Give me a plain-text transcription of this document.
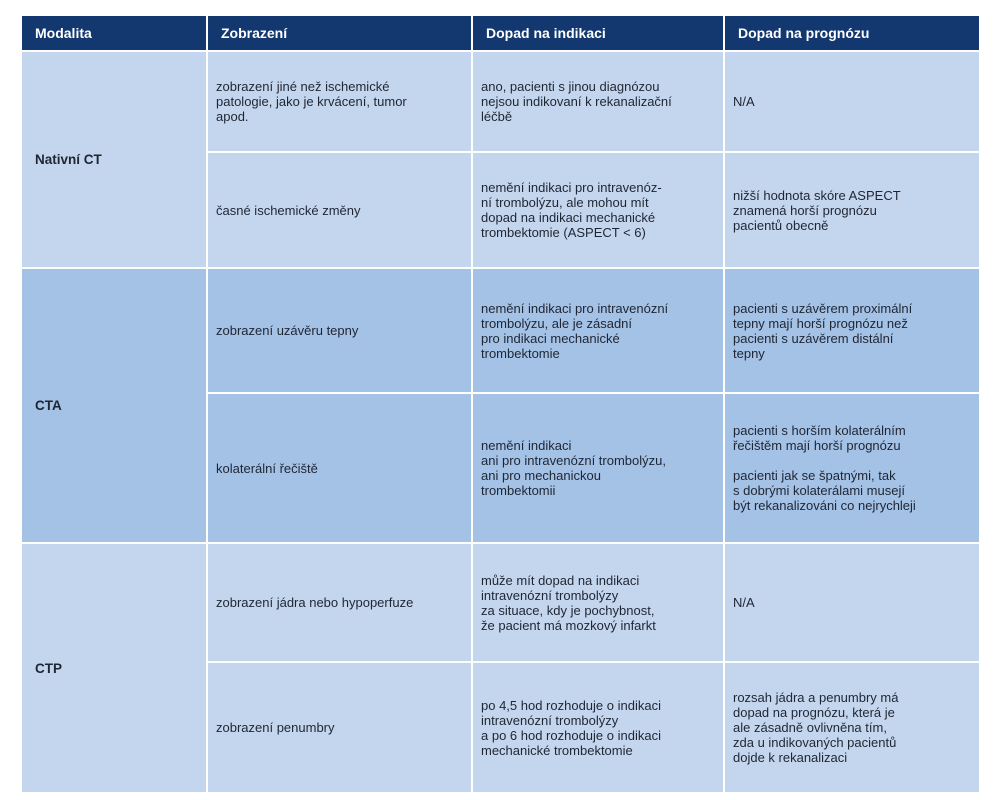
Modalita	Zobrazení	Dopad na indikaci	Dopad na prognózu
Nativní CT	zobrazení jiné než ischemické
patologie, jako je krvácení, tumor
apod.	ano, pacienti s jinou diagnózou
nejsou indikovaní k rekanalizační
léčbě	N/A

	časné ischemické změny	nemění indikaci pro intravenóz-
ní trombolýzu, ale mohou mít
dopad na indikaci mechanické
trombektomie (ASPECT < 6)	nižší hodnota skóre ASPECT
znamená horší prognózu
pacientů obecně

CTA	zobrazení uzávěru tepny	nemění indikaci pro intravenózní
trombolýzu, ale je zásadní
pro indikaci mechanické
trombektomie	pacienti s uzávěrem proximální
tepny mají horší prognózu než
pacienti s uzávěrem distální
tepny

	kolaterální řečiště	nemění indikaci
ani pro intravenózní trombolýzu,
ani pro mechanickou
trombektomii	pacienti s horším kolaterálním
řečištěm mají horší prognózu
pacienti jak se špatnými, tak
s dobrými kolaterálami musejí
být rekanalizováni co nejrychleji

CTP	zobrazení jádra nebo hypoperfuze	může mít dopad na indikaci
intravenózní trombolýzy
za situace, kdy je pochybnost,
že pacient má mozkový infarkt	N/A

	zobrazení penumbry	po 4,5 hod rozhoduje o indikaci
intravenózní trombolýzy
a po 6 hod rozhoduje o indikaci
mechanické trombektomie	rozsah jádra a penumbry má
dopad na prognózu, která je
ale zásadně ovlivněna tím,
zda u indikovaných pacientů
dojde k rekanalizaci
